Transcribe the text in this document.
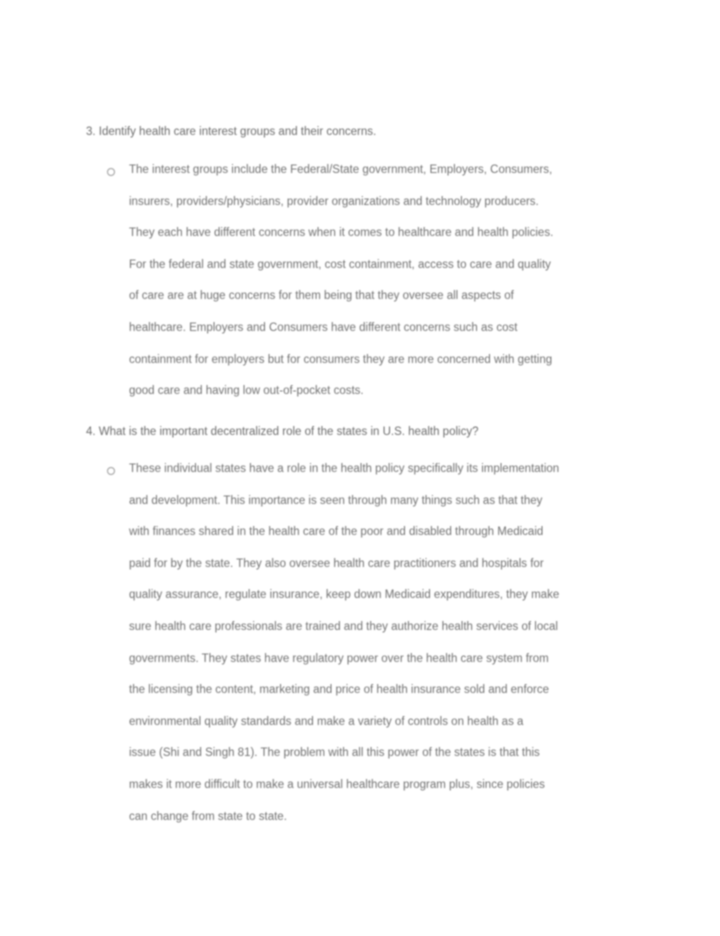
3. Identify health care interest groups and their concerns.
The interest groups include the Federal/State government, Employers, Consumers,
insurers, providers/physicians, provider organizations and technology producers.
They each have different concerns when it comes to healthcare and health policies.
For the federal and state government, cost containment, access to care and quality
of care are at huge concerns for them being that they oversee all aspects of
healthcare. Employers and Consumers have different concerns such as cost
containment for employers but for consumers they are more concerned with getting
good care and having low out-of-pocket costs.
4. What is the important decentralized role of the states in U.S. health policy?
These individual states have a role in the health policy specifically its implementation
and development. This importance is seen through many things such as that they
with finances shared in the health care of the poor and disabled through Medicaid
paid for by the state. They also oversee health care practitioners and hospitals for
quality assurance, regulate insurance, keep down Medicaid expenditures, they make
sure health care professionals are trained and they authorize health services of local
governments. They states have regulatory power over the health care system from
the licensing the content, marketing and price of health insurance sold and enforce
environmental quality standards and make a variety of controls on health as a
issue (Shi and Singh 81). The problem with all this power of the states is that this
makes it more difficult to make a universal healthcare program plus, since policies
can change from state to state.
